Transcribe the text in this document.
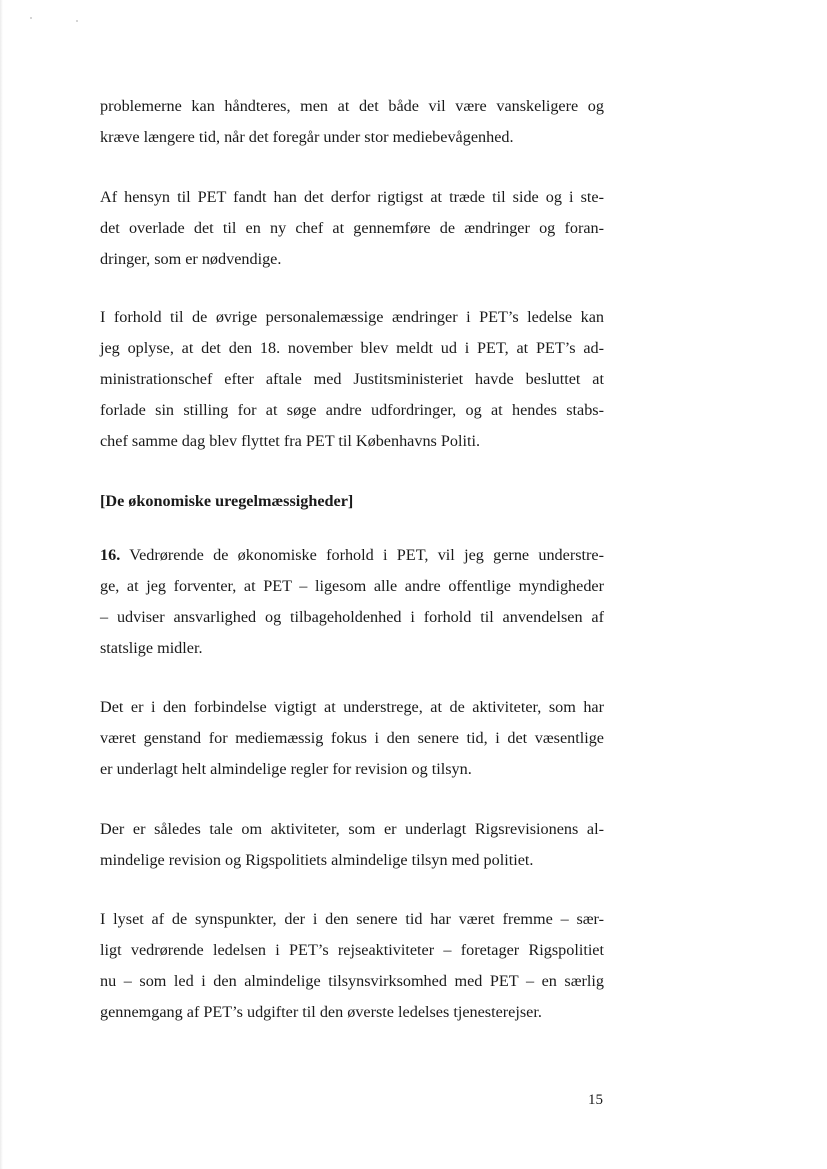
problemerne kan håndteres, men at det både vil være vanskeligere og
kræve længere tid, når det foregår under stor mediebevågenhed.

Af hensyn til PET fandt han det derfor rigtigst at træde til side og i ste-
det overlade det til en ny chef at gennemføre de ændringer og foran-
dringer, som er nødvendige.

I forhold til de øvrige personalemæssige ændringer i PET’s ledelse kan
jeg oplyse, at det den 18. november blev meldt ud i PET, at PET’s ad-
ministrationschef efter aftale med Justitsministeriet havde besluttet at
forlade sin stilling for at søge andre udfordringer, og at hendes stabs-
chef samme dag blev flyttet fra PET til Københavns Politi.

[De økonomiske uregelmæssigheder]

16. Vedrørende de økonomiske forhold i PET, vil jeg gerne understre-
ge, at jeg forventer, at PET – ligesom alle andre offentlige myndigheder
– udviser ansvarlighed og tilbageholdenhed i forhold til anvendelsen af
statslige midler.

Det er i den forbindelse vigtigt at understrege, at de aktiviteter, som har
været genstand for mediemæssig fokus i den senere tid, i det væsentlige
er underlagt helt almindelige regler for revision og tilsyn.

Der er således tale om aktiviteter, som er underlagt Rigsrevisionens al-
mindelige revision og Rigspolitiets almindelige tilsyn med politiet.

I lyset af de synspunkter, der i den senere tid har været fremme – sær-
ligt vedrørende ledelsen i PET’s rejseaktiviteter – foretager Rigspolitiet
nu – som led i den almindelige tilsynsvirksomhed med PET – en særlig
gennemgang af PET’s udgifter til den øverste ledelses tjenesterejser.

15
